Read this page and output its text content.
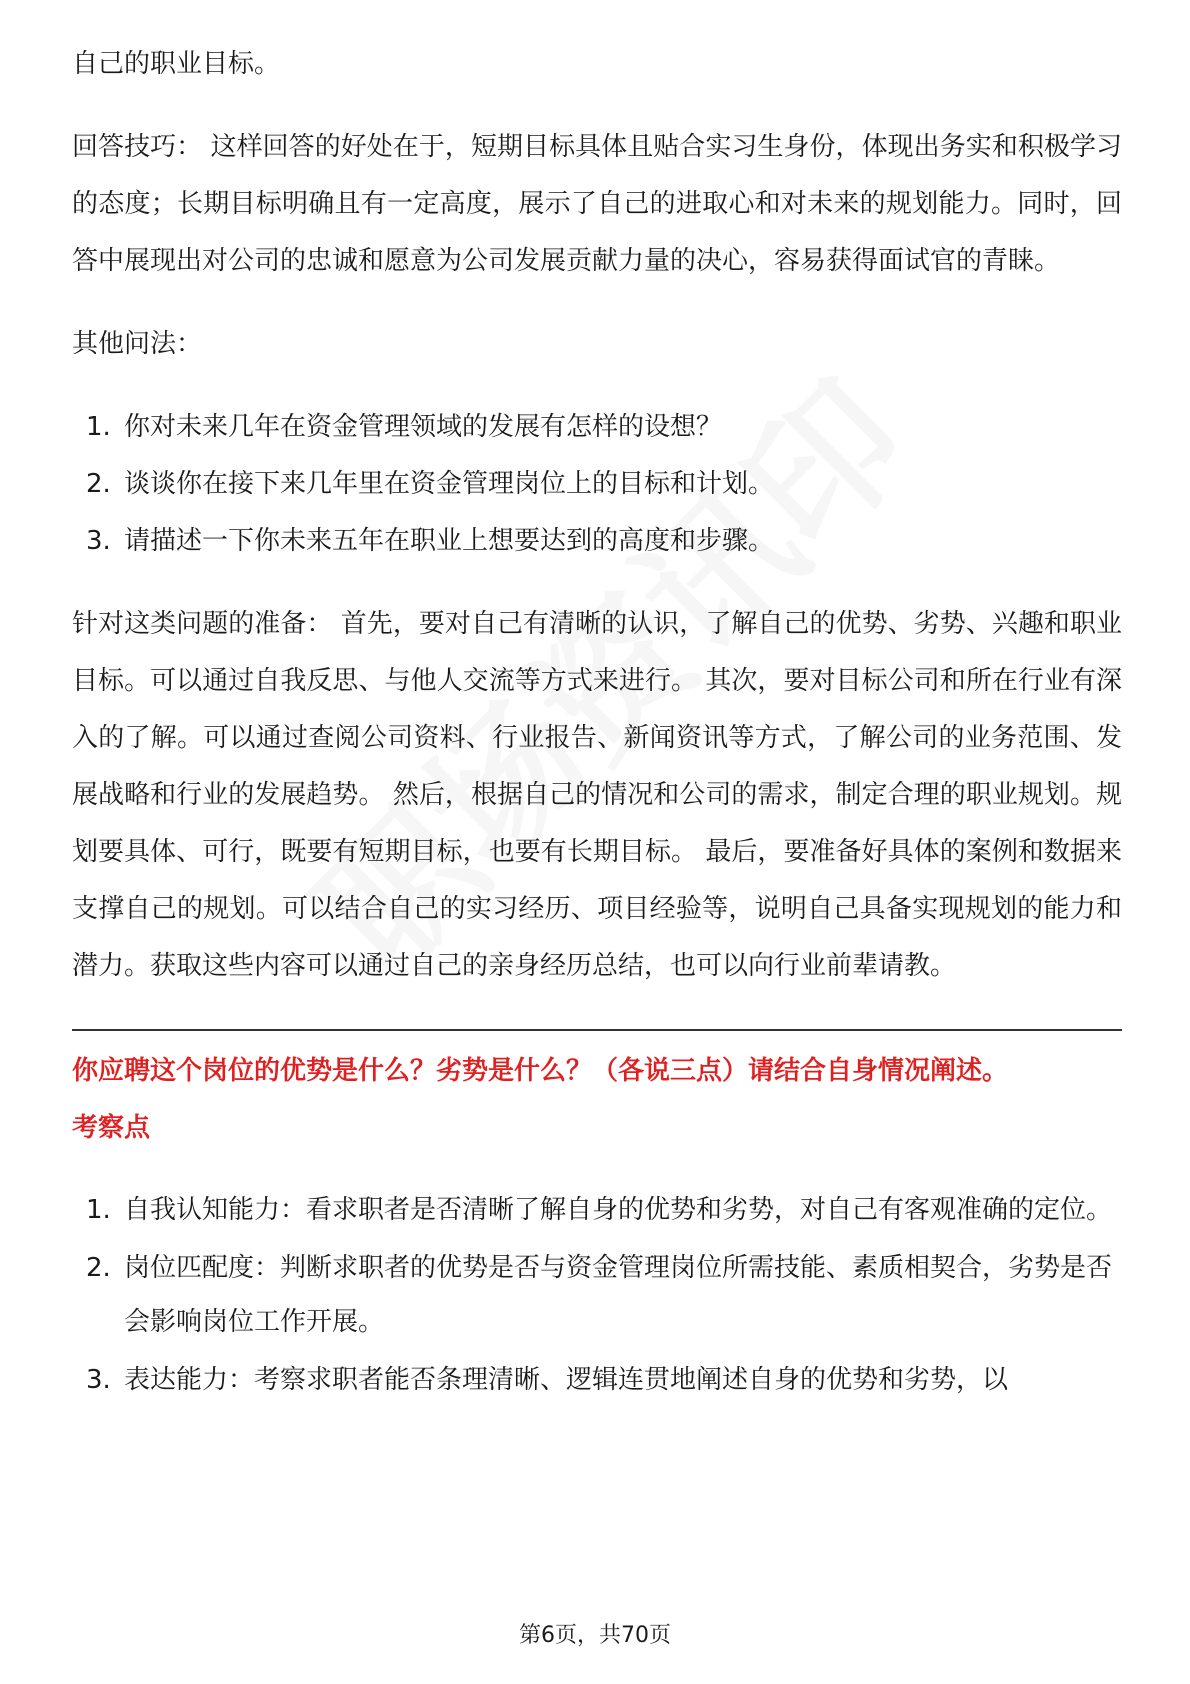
自己的职业目标。

回答技巧： 这样回答的好处在于，短期目标具体且贴合实习生身份，体现出务实和积极学习的态度；长期目标明确且有一定高度，展示了自己的进取心和对未来的规划能力。同时，回答中展现出对公司的忠诚和愿意为公司发展贡献力量的决心，容易获得面试官的青睐。

其他问法：

1. 你对未来几年在资金管理领域的发展有怎样的设想？
2. 谈谈你在接下来几年里在资金管理岗位上的目标和计划。
3. 请描述一下你未来五年在职业上想要达到的高度和步骤。

针对这类问题的准备： 首先，要对自己有清晰的认识，了解自己的优势、劣势、兴趣和职业目标。可以通过自我反思、与他人交流等方式来进行。 其次，要对目标公司和所在行业有深入的了解。可以通过查阅公司资料、行业报告、新闻资讯等方式，了解公司的业务范围、发展战略和行业的发展趋势。 然后，根据自己的情况和公司的需求，制定合理的职业规划。规划要具体、可行，既要有短期目标，也要有长期目标。 最后，要准备好具体的案例和数据来支撑自己的规划。可以结合自己的实习经历、项目经验等，说明自己具备实现规划的能力和潜力。获取这些内容可以通过自己的亲身经历总结，也可以向行业前辈请教。

你应聘这个岗位的优势是什么？劣势是什么？（各说三点）请结合自身情况阐述。
考察点
1. 自我认知能力：看求职者是否清晰了解自身的优势和劣势，对自己有客观准确的定位。
2. 岗位匹配度：判断求职者的优势是否与资金管理岗位所需技能、素质相契合，劣势是否会影响岗位工作开展。
3. 表达能力：考察求职者能否条理清晰、逻辑连贯地阐述自身的优势和劣势，以
第6页，共70页
